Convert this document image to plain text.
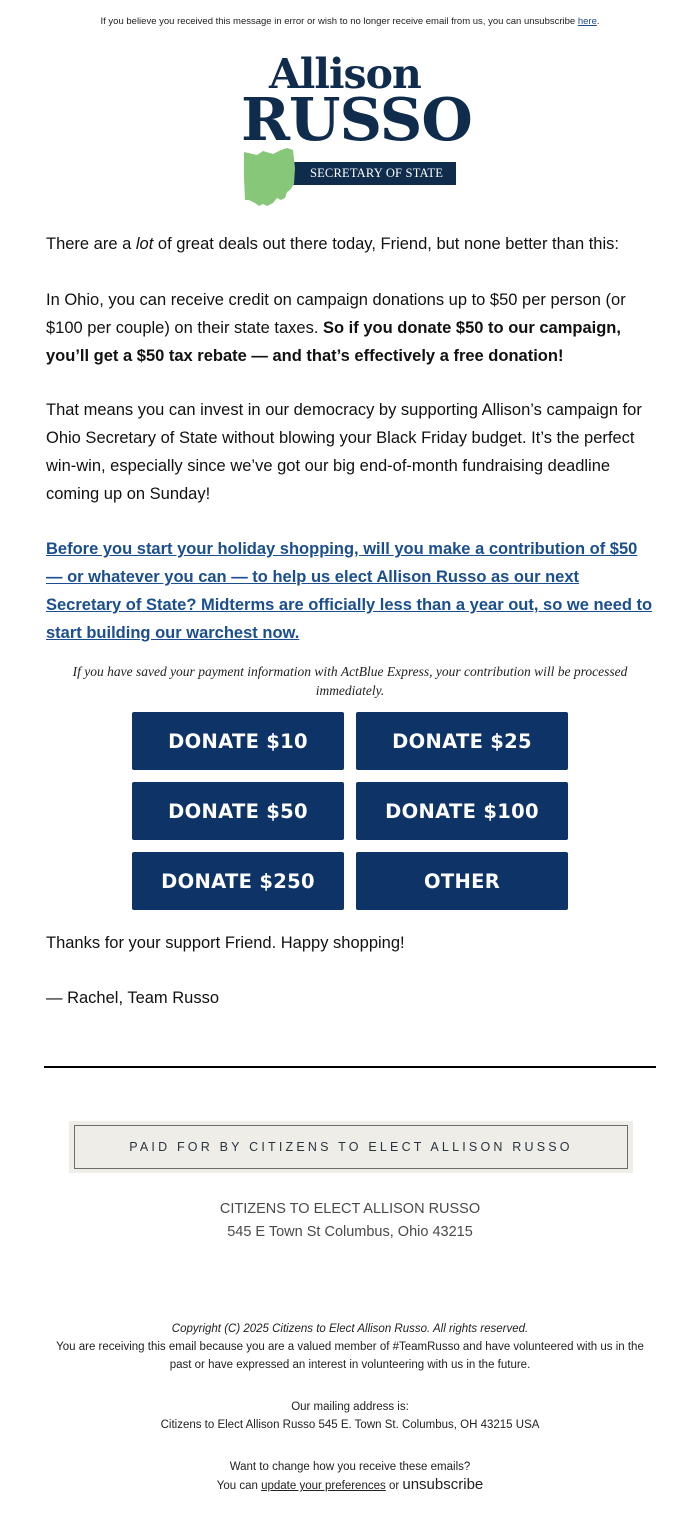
If you believe you received this message in error or wish to no longer receive email from us, you can unsubscribe here.
Allison
RUSSO
SECRETARY OF STATE
There are a lot of great deals out there today, Friend, but none better than this:
In Ohio, you can receive credit on campaign donations up to $50 per person (or $100 per couple) on their state taxes. So if you donate $50 to our campaign, you’ll get a $50 tax rebate — and that’s effectively a free donation!
That means you can invest in our democracy by supporting Allison’s campaign for Ohio Secretary of State without blowing your Black Friday budget. It’s the perfect win-win, especially since we’ve got our big end-of-month fundraising deadline coming up on Sunday!
Before you start your holiday shopping, will you make a contribution of $50 — or whatever you can — to help us elect Allison Russo as our next Secretary of State? Midterms are officially less than a year out, so we need to start building our warchest now.
If you have saved your payment information with ActBlue Express, your contribution will be processed immediately.
DONATE $10	DONATE $25
DONATE $50	DONATE $100
DONATE $250	OTHER
Thanks for your support Friend. Happy shopping!
— Rachel, Team Russo
PAID FOR BY CITIZENS TO ELECT ALLISON RUSSO
CITIZENS TO ELECT ALLISON RUSSO
545 E Town St Columbus, Ohio 43215
Copyright (C) 2025 Citizens to Elect Allison Russo. All rights reserved.
You are receiving this email because you are a valued member of #TeamRusso and have volunteered with us in the past or have expressed an interest in volunteering with us in the future.
Our mailing address is:
Citizens to Elect Allison Russo 545 E. Town St. Columbus, OH 43215 USA
Want to change how you receive these emails?
You can update your preferences or unsubscribe
